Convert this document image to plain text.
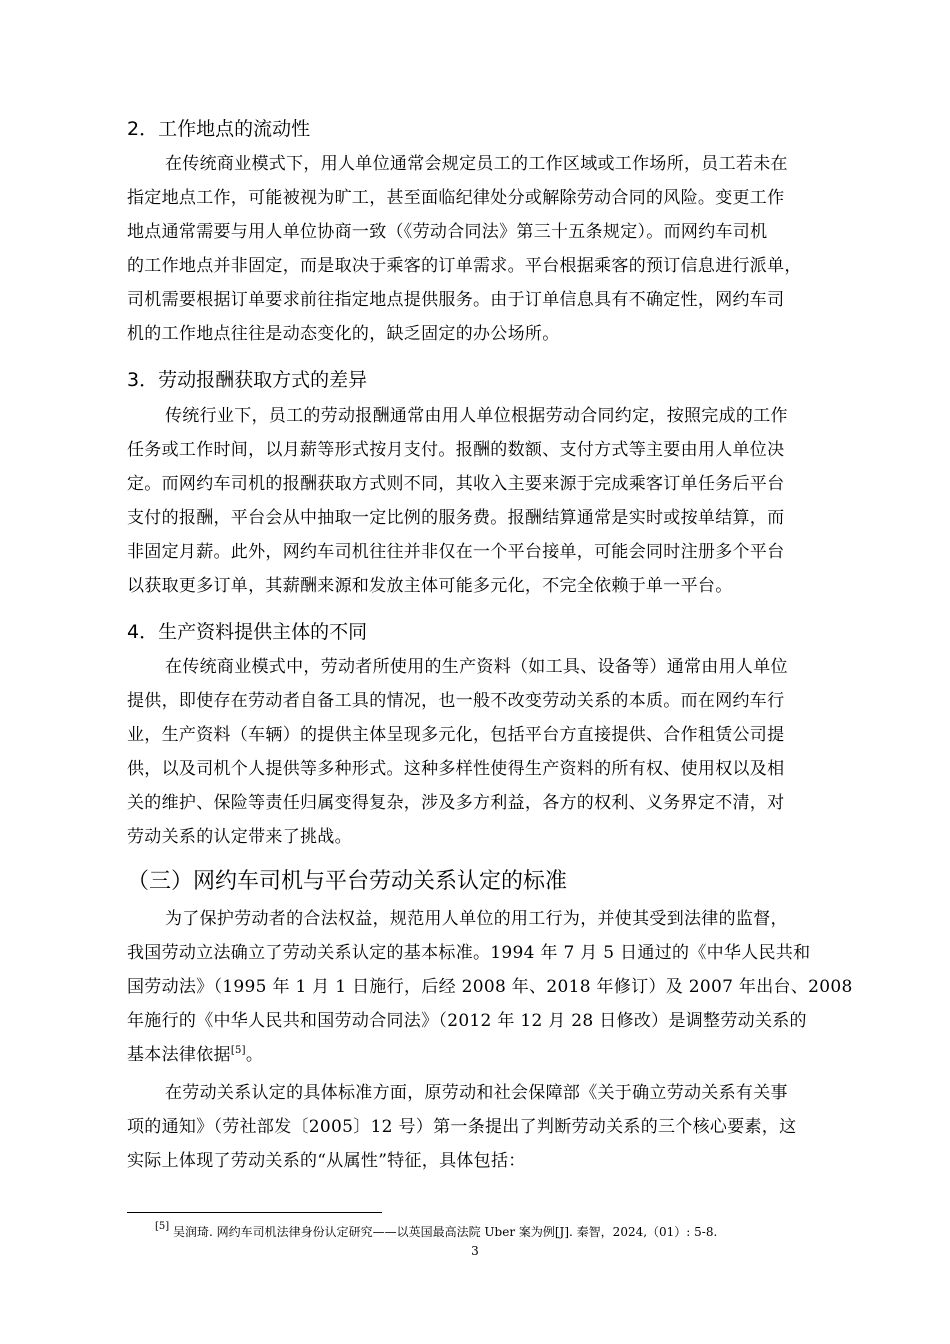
2．工作地点的流动性
在传统商业模式下，用人单位通常会规定员工的工作区域或工作场所，员工若未在
指定地点工作，可能被视为旷工，甚至面临纪律处分或解除劳动合同的风险。变更工作
地点通常需要与用人单位协商一致（《劳动合同法》第三十五条规定）。而网约车司机
的工作地点并非固定，而是取决于乘客的订单需求。平台根据乘客的预订信息进行派单，
司机需要根据订单要求前往指定地点提供服务。由于订单信息具有不确定性，网约车司
机的工作地点往往是动态变化的，缺乏固定的办公场所。
3．劳动报酬获取方式的差异
传统行业下，员工的劳动报酬通常由用人单位根据劳动合同约定，按照完成的工作
任务或工作时间，以月薪等形式按月支付。报酬的数额、支付方式等主要由用人单位决
定。而网约车司机的报酬获取方式则不同，其收入主要来源于完成乘客订单任务后平台
支付的报酬，平台会从中抽取一定比例的服务费。报酬结算通常是实时或按单结算，而
非固定月薪。此外，网约车司机往往并非仅在一个平台接单，可能会同时注册多个平台
以获取更多订单，其薪酬来源和发放主体可能多元化，不完全依赖于单一平台。
4．生产资料提供主体的不同
在传统商业模式中，劳动者所使用的生产资料（如工具、设备等）通常由用人单位
提供，即使存在劳动者自备工具的情况，也一般不改变劳动关系的本质。而在网约车行
业，生产资料（车辆）的提供主体呈现多元化，包括平台方直接提供、合作租赁公司提
供，以及司机个人提供等多种形式。这种多样性使得生产资料的所有权、使用权以及相
关的维护、保险等责任归属变得复杂，涉及多方利益，各方的权利、义务界定不清，对
劳动关系的认定带来了挑战。
（三）网约车司机与平台劳动关系认定的标准
为了保护劳动者的合法权益，规范用人单位的用工行为，并使其受到法律的监督，
我国劳动立法确立了劳动关系认定的基本标准。1994 年 7 月 5 日通过的《中华人民共和
国劳动法》（1995 年 1 月 1 日施行，后经 2008 年、2018 年修订）及 2007 年出台、2008
年施行的《中华人民共和国劳动合同法》（2012 年 12 月 28 日修改）是调整劳动关系的
基本法律依据[5]。
在劳动关系认定的具体标准方面，原劳动和社会保障部《关于确立劳动关系有关事
项的通知》（劳社部发〔2005〕12 号）第一条提出了判断劳动关系的三个核心要素，这
实际上体现了劳动关系的“从属性”特征，具体包括：
[5] 吴润琦. 网约车司机法律身份认定研究——以英国最高法院 Uber 案为例[J]. 秦智，2024,（01）: 5-8.
3
